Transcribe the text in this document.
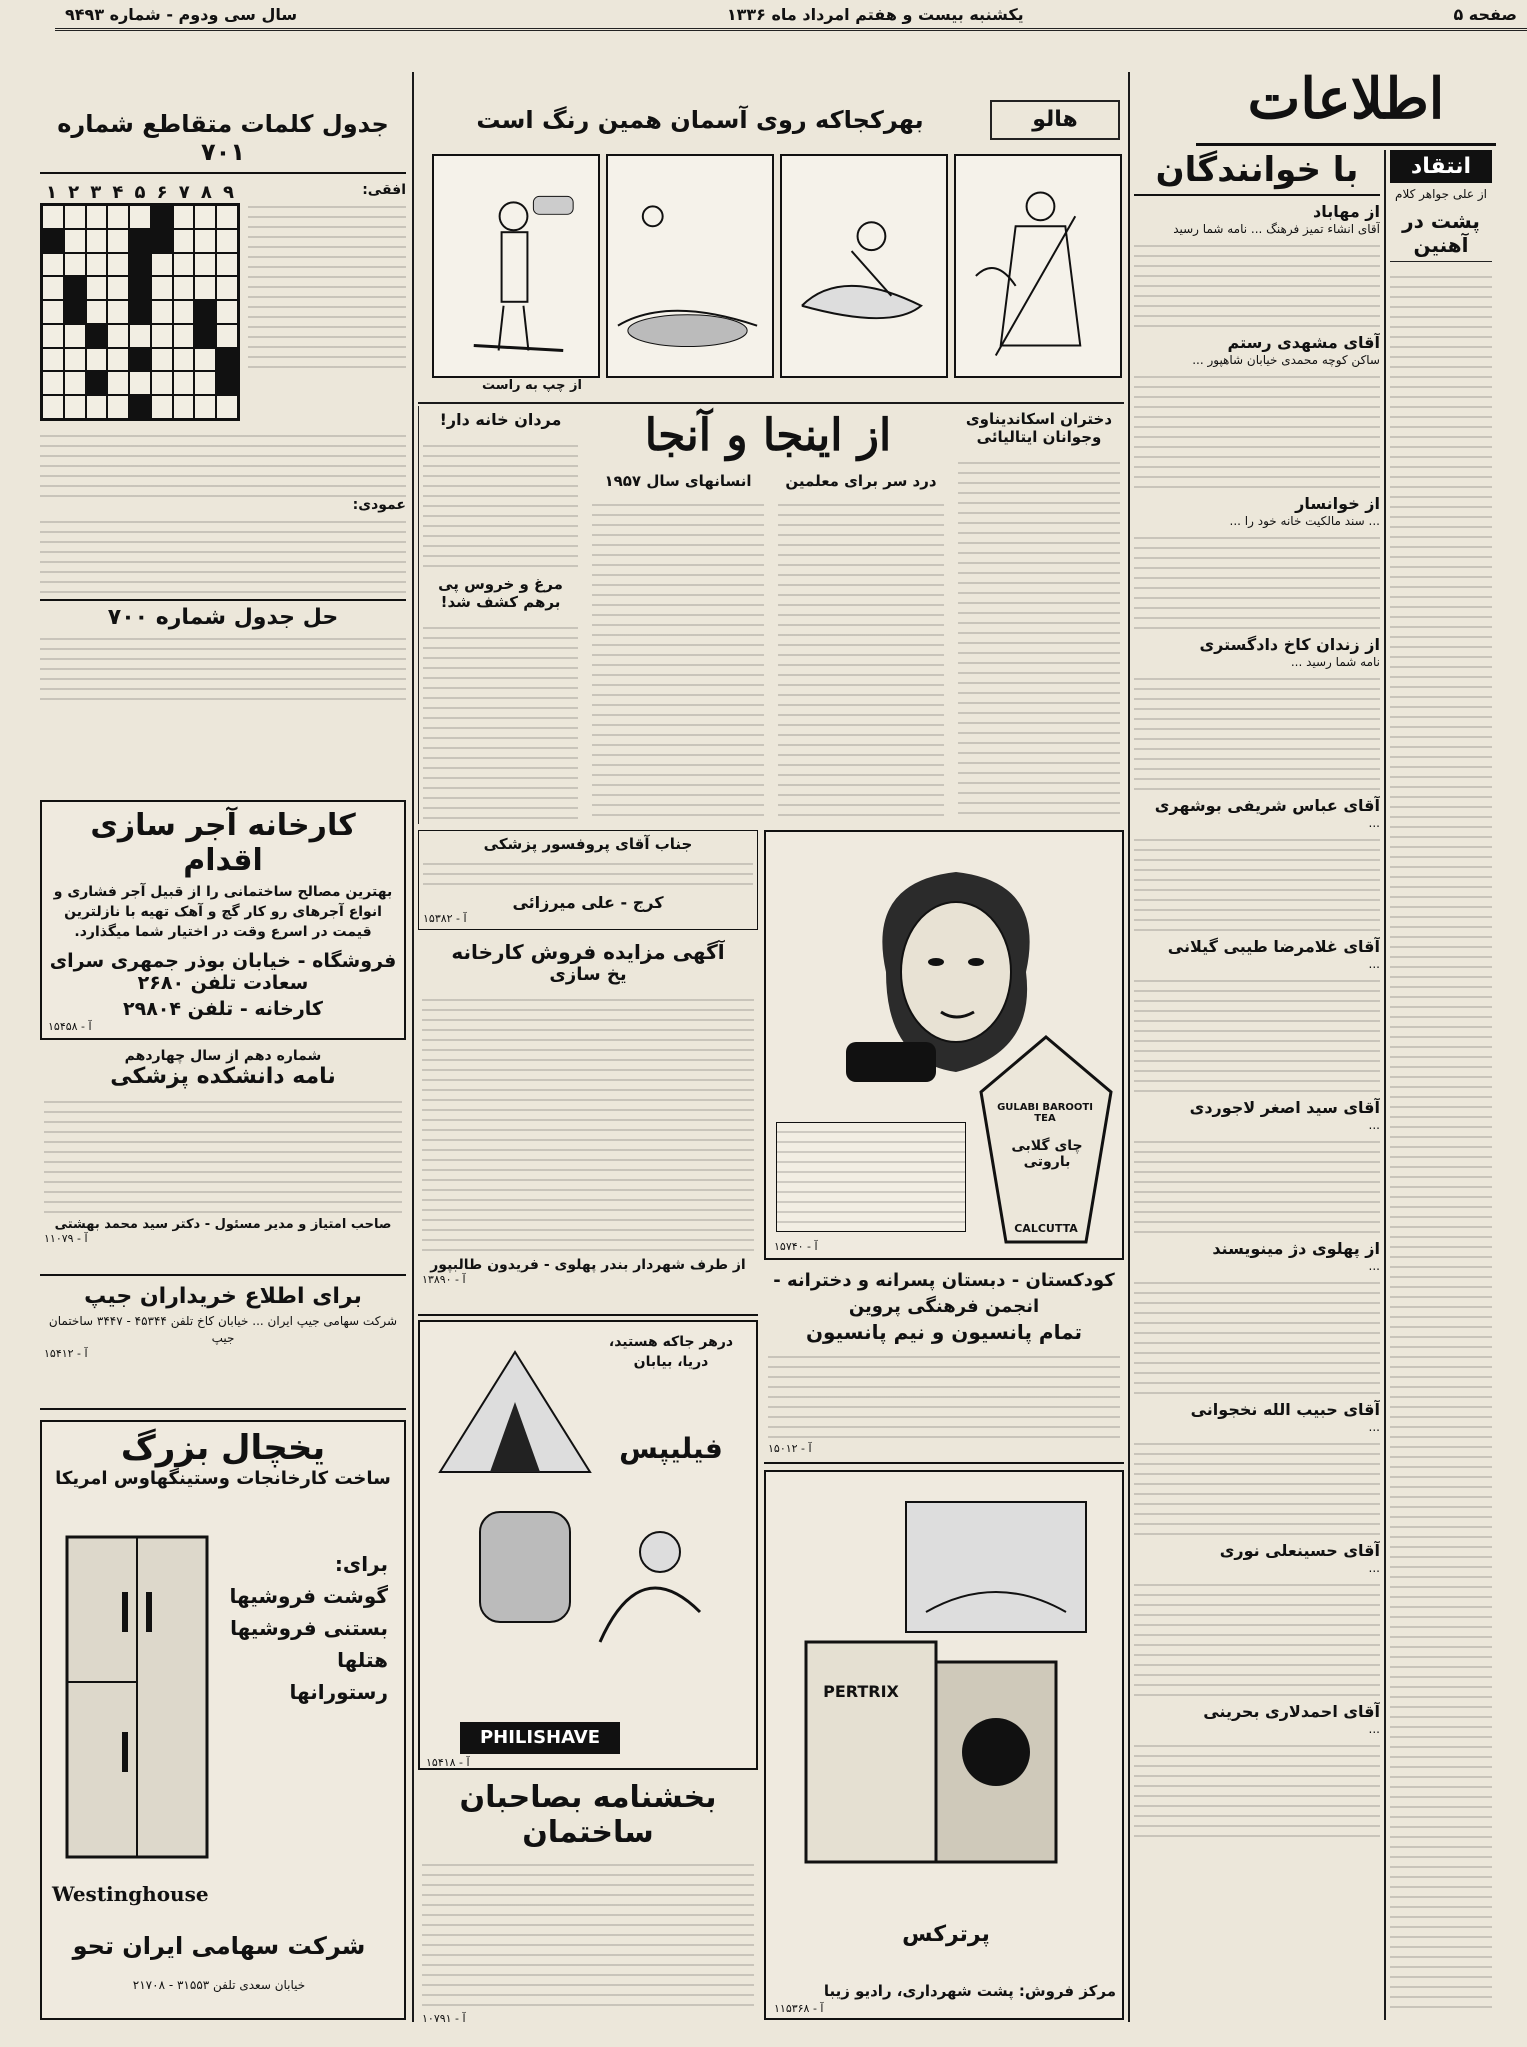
صفحه ۵
یکشنبه بیست و هفتم امرداد ماه ۱۳۳۶
سال سی ودوم - شماره ۹۴۹۳
اطلاعات
انتقاد
از علی جواهر کلام
پشت در آهنین
با خوانندگان
از مهاباد
آقای انشاء تمیز فرهنگ ... نامه شما رسید
آقای مشهدی رستم
ساکن کوچه محمدی خیابان شاهپور ...
از خوانسار
... سند مالکیت خانه خود را ...
از زندان کاخ دادگستری
نامه شما رسید ...
آقای عباس شریفی بوشهری
...
آقای غلامرضا طیبی گیلانی
...
آقای سید اصغر لاجوردی
...
از پهلوی دژ مینویسند
...
آقای حبیب الله نخجوانی
...
آقای حسینعلی نوری
...
آقای احمدلاری بحرینی
...
هالو
بهرکجاکه روی آسمان همین رنگ است
از چپ به راست
دختران اسکاندیناوی وجوانان ایتالیائی
از اینجا و آنجا
درد سر برای معلمین
انسانهای سال ۱۹۵۷
مردان خانه دار!
مرغ و خروس پی برهم کشف شد!
جدول کلمات متقاطع شماره ۷۰۱
۱ ۲ ۳ ۴ ۵ ۶ ۷ ۸ ۹	افقی:
عمودی:
حل جدول شماره ۷۰۰
کارخانه آجر سازی اقدام
بهترین مصالح ساختمانی را از قبیل آجر فشاری و انواع آجرهای رو کار گچ و آهک تهیه با نازلترین قیمت در اسرع وقت در اختیار شما میگذارد.
فروشگاه - خیابان بوذر جمهری سرای سعادت تلفن ۲۶۸۰
کارخانه - تلفن ۲۹۸۰۴
آ - ۱۵۴۵۸
شماره دهم از سال چهاردهم
نامه دانشکده پزشکی
صاحب امتیاز و مدیر مسئول - دکتر سید محمد بهشتی
آ - ۱۱۰۷۹
برای اطلاع خریداران جیپ
شرکت سهامی جیپ ایران ... خیابان کاخ تلفن ۴۵۳۴۴ - ۳۴۴۷ ساختمان جیپ
آ - ۱۵۴۱۲
یخچال بزرگ
ساخت کارخانجات وستینگهاوس امریکا
برای:
گوشت فروشیها
بستنی فروشیها
هتلها
رستورانها
Westinghouse
شرکت سهامی ایران تحو
خیابان سعدی تلفن ۳۱۵۵۳ - ۲۱۷۰۸
جناب آقای پروفسور پزشکی
کرج - علی میرزائی
آ - ۱۵۳۸۲
آگهی مزایده فروش کارخانه
یخ سازی
از طرف شهردار بندر پهلوی - فریدون طالبپور
آ - ۱۳۸۹۰
GULABI BAROOTI TEA
چای گلابی باروتی
CALCUTTA
آ - ۱۵۷۴۰
کودکستان - دبستان پسرانه و دخترانه - انجمن فرهنگی پروین
تمام پانسیون و نیم پانسیون
آ - ۱۵۰۱۲
درهر جاکه هستید، دریا، بیابان
فیلیپس
PHILISHAVE
آ - ۱۵۴۱۸
PERTRIX
پرترکس
مرکز فروش: پشت شهرداری، رادیو زیبا
آ - ۱۱۵۳۶۸
بخشنامه بصاحبان ساختمان
آ - ۱۰۷۹۱
